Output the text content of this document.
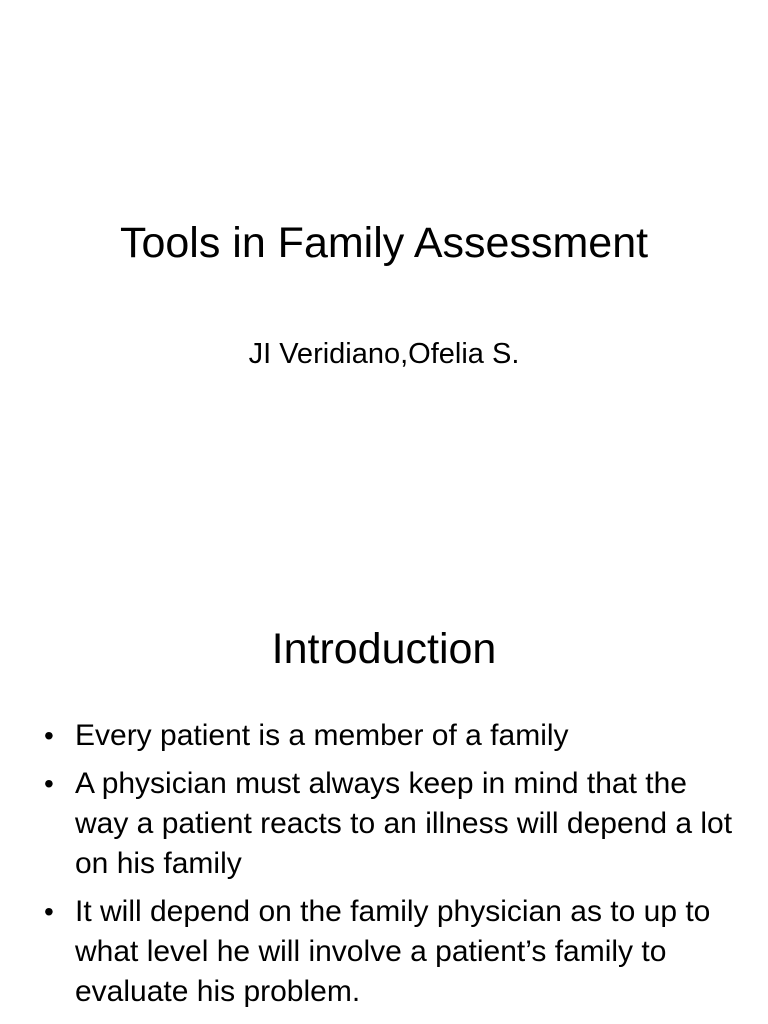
Tools in Family Assessment

JI Veridiano,Ofelia S.

Introduction
• Every patient is a member of a family
• A physician must always keep in mind that the way a patient reacts to an illness will depend a lot on his family
• It will depend on the family physician as to up to what level he will involve a patient’s family to evaluate his problem.
